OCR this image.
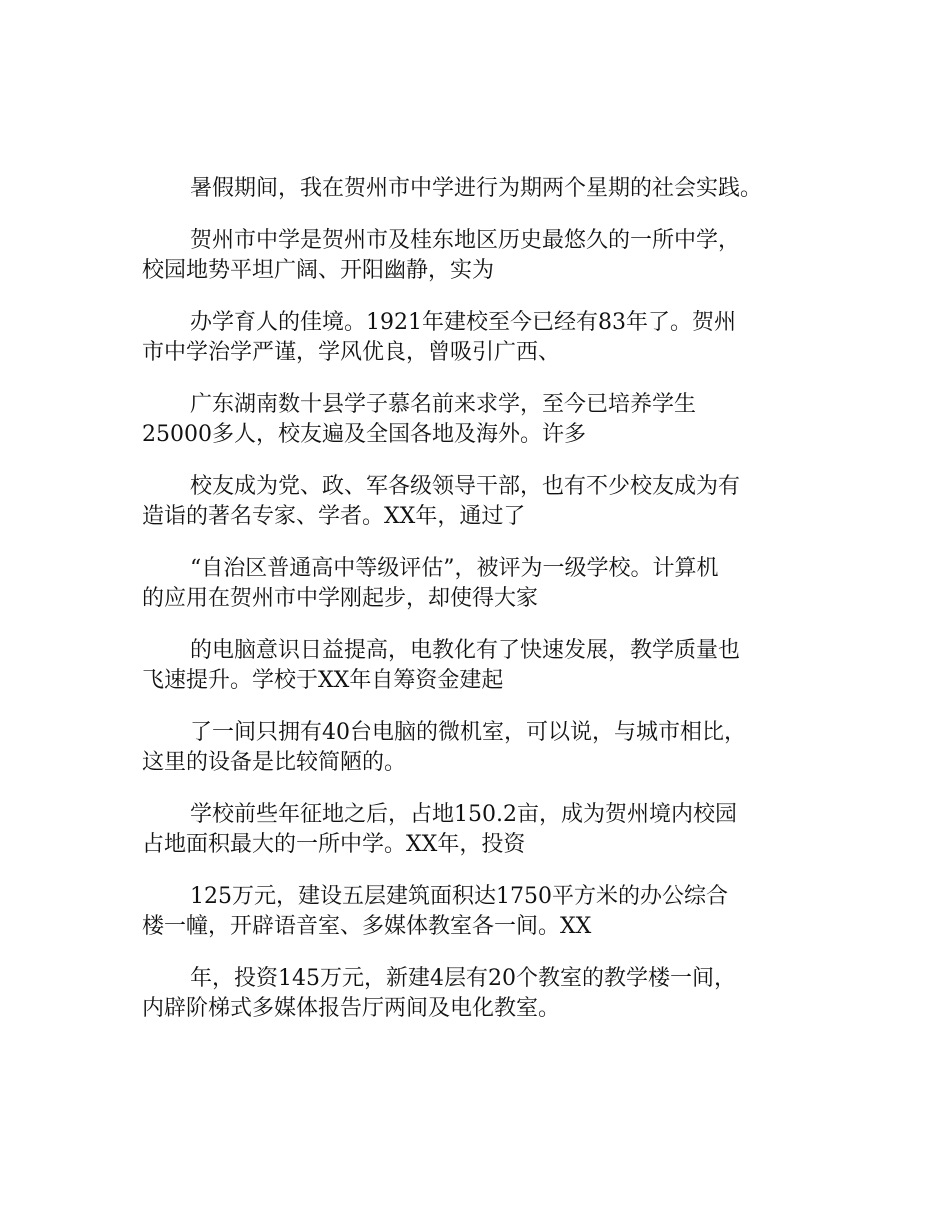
暑假期间，我在贺州市中学进行为期两个星期的社会实践。

贺州市中学是贺州市及桂东地区历史最悠久的一所中学，
校园地势平坦广阔、开阳幽静，实为

办学育人的佳境。1921年建校至今已经有83年了。贺州
市中学治学严谨，学风优良，曾吸引广西、

广东湖南数十县学子慕名前来求学，至今已培养学生
25000多人，校友遍及全国各地及海外。许多

校友成为党、政、军各级领导干部，也有不少校友成为有
造诣的著名专家、学者。XX年，通过了

“自治区普通高中等级评估”，被评为一级学校。计算机
的应用在贺州市中学刚起步，却使得大家

的电脑意识日益提高，电教化有了快速发展，教学质量也
飞速提升。学校于XX年自筹资金建起

了一间只拥有40台电脑的微机室，可以说，与城市相比，
这里的设备是比较简陋的。

学校前些年征地之后，占地150.2亩，成为贺州境内校园
占地面积最大的一所中学。XX年，投资

125万元，建设五层建筑面积达1750平方米的办公综合
楼一幢，开辟语音室、多媒体教室各一间。XX

年，投资145万元，新建4层有20个教室的教学楼一间，
内辟阶梯式多媒体报告厅两间及电化教室。
